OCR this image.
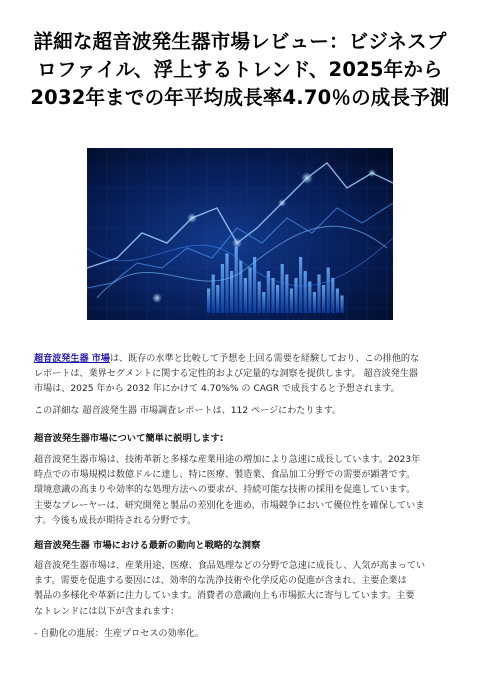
詳細な超音波発生器市場レビュー：ビジネスプ
ロファイル、浮上するトレンド、2025年から
2032年までの年平均成長率4.70％の成長予測
超音波発生器 市場は、既存の水準と比較して予想を上回る需要を経験しており、この排他的な
レポートは、業界セグメントに関する定性的および定量的な洞察を提供します。 超音波発生器
市場は、2025 年から 2032 年にかけて 4.70%% の CAGR で成長すると予想されます。
この詳細な 超音波発生器 市場調査レポートは、112 ページにわたります。
超音波発生器市場について簡単に説明します:
超音波発生器市場は、技術革新と多様な産業用途の増加により急速に成長しています。2023年
時点での市場規模は数億ドルに達し、特に医療、製造業、食品加工分野での需要が顕著です。
環境意識の高まりや効率的な処理方法への要求が、持続可能な技術の採用を促進しています。
主要なプレーヤーは、研究開発と製品の差別化を進め、市場競争において優位性を確保していま
す。今後も成長が期待される分野です。
超音波発生器 市場における最新の動向と戦略的な洞察
超音波発生器市場は、産業用途、医療、食品処理などの分野で急速に成長し、人気が高まってい
ます。需要を促進する要因には、効率的な洗浄技術や化学反応の促進が含まれ、主要企業は
製品の多様化や革新に注力しています。消費者の意識向上も市場拡大に寄与しています。主要
なトレンドには以下が含まれます：
- 自動化の進展：生産プロセスの効率化。
